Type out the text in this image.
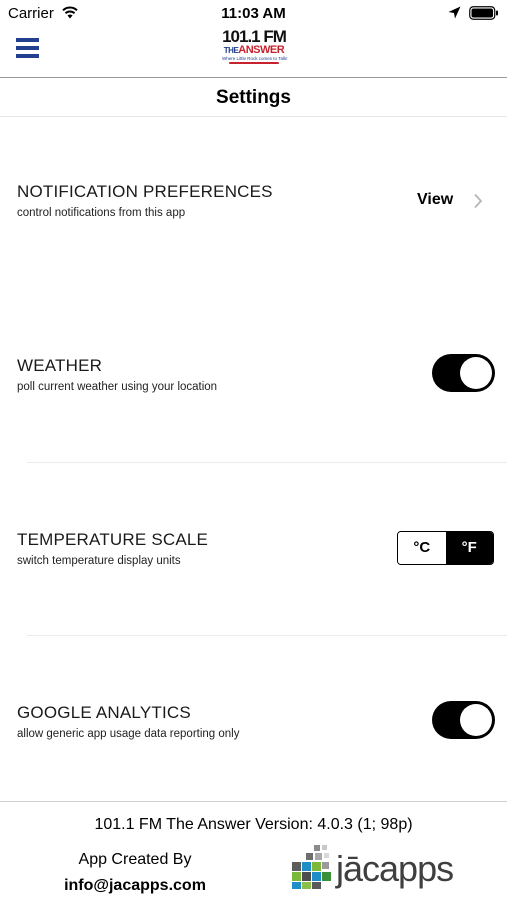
Carrier	11:03 AM
101.1 FM
THEANSWER
Where Little Rock comes to Talk!
Settings
NOTIFICATION PREFERENCES
control notifications from this app
View
WEATHER
poll current weather using your location
TEMPERATURE SCALE
switch temperature display units
°C	°F
GOOGLE ANALYTICS
allow generic app usage data reporting only
101.1 FM The Answer Version: 4.0.3 (1; 98p)
App Created By
info@jacapps.com	jācapps
